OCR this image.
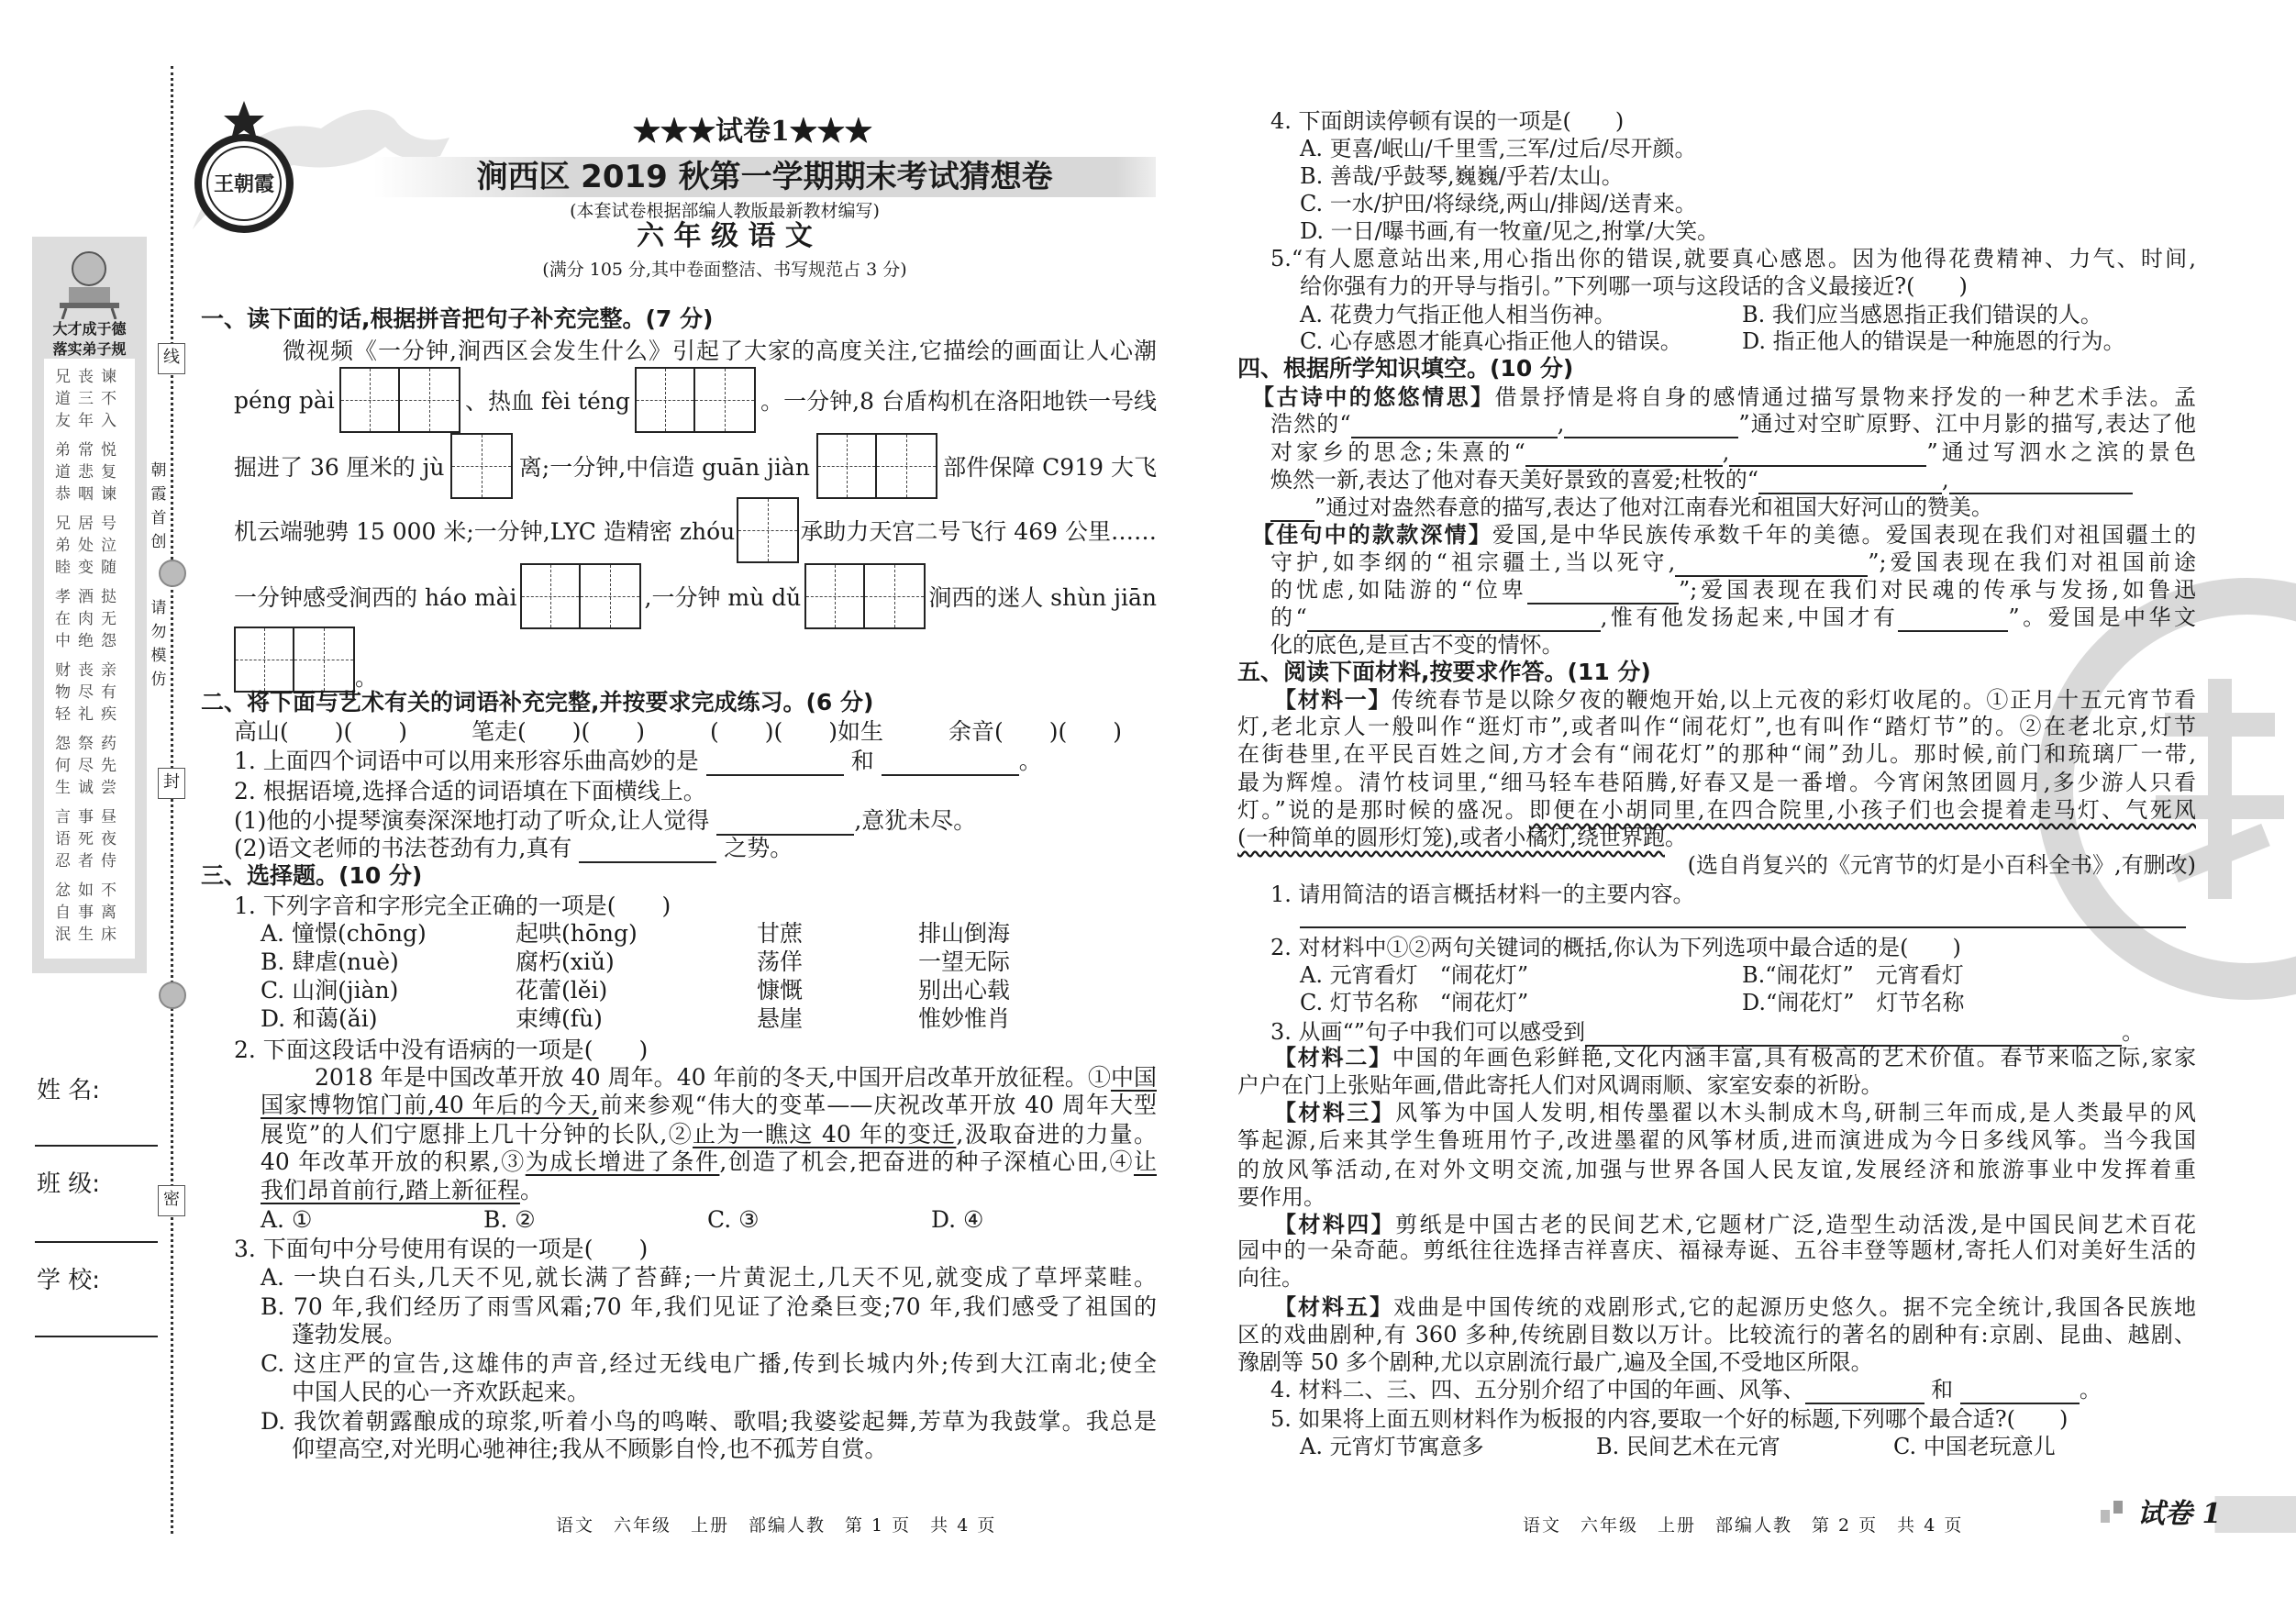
线
封
密
朝霞首创
请勿模仿
大才成于德
落实弟子规
兄丧谏
道三不
友年入
弟常悦
道悲复
恭咽谏
兄居号
弟处泣
睦变随
孝酒挞
在肉无
中绝怨
财丧亲
物尽有
轻礼疾
怨祭药
何尽先
生诚尝
言事昼
语死夜
忍者侍
忿如不
自事离
泯生床
姓 名:
班 级:
学 校:
王朝霞
★★★试卷1★★★
涧西区 2019 秋第一学期期末考试猜想卷
(本套试卷根据部编人教版最新教材编写)
六 年 级 语 文
(满分 105 分,其中卷面整洁、书写规范占 3 分)
一、读下面的话,根据拼音把句子补充完整。(7 分)
微视频《一分钟,涧西区会发生什么》引起了大家的高度关注,它描绘的画面让人心潮
péng pài	、热血 fèi téng	。一分钟,8 台盾构机在洛阳地铁一号线
掘进了 36 厘米的 jù	离;一分钟,中信造 guān jiàn	部件保障 C919 大飞
机云端驰骋 15 000 米;一分钟,LYC 造精密 zhóu	承助力天宫二号飞行 469 公里……
一分钟感受涧西的 háo mài	,一分钟 mù dǔ	涧西的迷人 shùn jiān
。
二、将下面与艺术有关的词语补充完整,并按要求完成练习。(6 分)
高山(　　)(　　)	笔走(　　)(　　)	(　　)(　　)如生	余音(　　)(　　)
1. 上面四个词语中可以用来形容乐曲高妙的是	和	。
2. 根据语境,选择合适的词语填在下面横线上。
(1)他的小提琴演奏深深地打动了听众,让人觉得	,意犹未尽。
(2)语文老师的书法苍劲有力,真有	之势。
三、选择题。(10 分)
1. 下列字音和字形完全正确的一项是(　　)
A. 憧憬(chōng)	起哄(hōng)	甘蔗	排山倒海
B. 肆虐(nuè)	腐朽(xiǔ)	荡佯	一望无际
C. 山涧(jiàn)	花蕾(lěi)	慷慨	别出心载
D. 和蔼(ǎi)	束缚(fù)	悬崖	惟妙惟肖
2. 下面这段话中没有语病的一项是(　　)
2018 年是中国改革开放 40 周年。40 年前的冬天,中国开启改革开放征程。①中国
国家博物馆门前,40 年后的今天,前来参观“伟大的变革——庆祝改革开放 40 周年大型
展览”的人们宁愿排上几十分钟的长队,②止为一瞧这 40 年的变迁,汲取奋进的力量。
40 年改革开放的积累,③为成长增进了条件,创造了机会,把奋进的种子深植心田,④让
我们昂首前行,踏上新征程。
A. ①	B. ②	C. ③	D. ④
3. 下面句中分号使用有误的一项是(　　)
A. 一块白石头,几天不见,就长满了苔藓;一片黄泥土,几天不见,就变成了草坪菜畦。
B. 70 年,我们经历了雨雪风霜;70 年,我们见证了沧桑巨变;70 年,我们感受了祖国的
蓬勃发展。
C. 这庄严的宣告,这雄伟的声音,经过无线电广播,传到长城内外;传到大江南北;使全
中国人民的心一齐欢跃起来。
D. 我饮着朝露酿成的琼浆,听着小鸟的鸣啭、歌唱;我婆娑起舞,芳草为我鼓掌。我总是
仰望高空,对光明心驰神往;我从不顾影自怜,也不孤芳自赏。
语文　六年级　上册　部编人教　第 1 页　共 4 页
4. 下面朗读停顿有误的一项是(　　)
A. 更喜/岷山/千里雪,三军/过后/尽开颜。
B. 善哉/乎鼓琴,巍巍/乎若/太山。
C. 一水/护田/将绿绕,两山/排闼/送青来。
D. 一日/曝书画,有一牧童/见之,拊掌/大笑。
5.“有人愿意站出来,用心指出你的错误,就要真心感恩。因为他得花费精神、力气、时间,
给你强有力的开导与指引。”下列哪一项与这段话的含义最接近?(　　)
A. 花费力气指正他人相当伤神。	B. 我们应当感恩指正我们错误的人。
C. 心存感恩才能真心指正他人的错误。	D. 指正他人的错误是一种施恩的行为。
四、根据所学知识填空。(10 分)
【古诗中的悠悠情思】借景抒情是将自身的感情通过描写景物来抒发的一种艺术手法。孟
浩然的“	,	”通过对空旷原野、江中月影的描写,表达了他
对家乡的思念;朱熹的“	,	”通过写泗水之滨的景色
焕然一新,表达了他对春天美好景致的喜爱;杜牧的“	,
”通过对盎然春意的描写,表达了他对江南春光和祖国大好河山的赞美。
【佳句中的款款深情】爱国,是中华民族传承数千年的美德。爱国表现在我们对祖国疆土的
守护,如李纲的“祖宗疆土,当以死守,	”;爱国表现在我们对祖国前途
的忧虑,如陆游的“位卑	”;爱国表现在我们对民魂的传承与发扬,如鲁迅
的“	,惟有他发扬起来,中国才有	”。爱国是中华文
化的底色,是亘古不变的情怀。
五、阅读下面材料,按要求作答。(11 分)
【材料一】传统春节是以除夕夜的鞭炮开始,以上元夜的彩灯收尾的。①正月十五元宵节看
灯,老北京人一般叫作“逛灯市”,或者叫作“闹花灯”,也有叫作“踏灯节”的。②在老北京,灯节
在街巷里,在平民百姓之间,方才会有“闹花灯”的那种“闹”劲儿。那时候,前门和琉璃厂一带,
最为辉煌。清竹枝词里,“细马轻车巷陌腾,好春又是一番增。今宵闲煞团圆月,多少游人只看
灯。”说的是那时候的盛况。即便在小胡同里,在四合院里,小孩子们也会提着走马灯、气死风
(一种简单的圆形灯笼),或者小橘灯,绕世界跑。
(选自肖复兴的《元宵节的灯是小百科全书》,有删改)
1. 请用简洁的语言概括材料一的主要内容。
2. 对材料中①②两句关键词的概括,你认为下列选项中最合适的是(　　)
A. 元宵看灯　“闹花灯”	B.“闹花灯”　元宵看灯
C. 灯节名称　“闹花灯”	D.“闹花灯”　灯节名称
3. 从画“”句子中我们可以感受到	。
【材料二】中国的年画色彩鲜艳,文化内涵丰富,具有极高的艺术价值。春节来临之际,家家
户户在门上张贴年画,借此寄托人们对风调雨顺、家室安泰的祈盼。
【材料三】风筝为中国人发明,相传墨翟以木头制成木鸟,研制三年而成,是人类最早的风
筝起源,后来其学生鲁班用竹子,改进墨翟的风筝材质,进而演进成为今日多线风筝。当今我国
的放风筝活动,在对外文明交流,加强与世界各国人民友谊,发展经济和旅游事业中发挥着重
要作用。
【材料四】剪纸是中国古老的民间艺术,它题材广泛,造型生动活泼,是中国民间艺术百花
园中的一朵奇葩。剪纸往往选择吉祥喜庆、福禄寿诞、五谷丰登等题材,寄托人们对美好生活的
向往。
【材料五】戏曲是中国传统的戏剧形式,它的起源历史悠久。据不完全统计,我国各民族地
区的戏曲剧种,有 360 多种,传统剧目数以万计。比较流行的著名的剧种有:京剧、昆曲、越剧、
豫剧等 50 多个剧种,尤以京剧流行最广,遍及全国,不受地区所限。
4. 材料二、三、四、五分别介绍了中国的年画、风筝、	和	。
5. 如果将上面五则材料作为板报的内容,要取一个好的标题,下列哪个最合适?(　　)
A. 元宵灯节寓意多	B. 民间艺术在元宵	C. 中国老玩意儿
语文　六年级　上册　部编人教　第 2 页　共 4 页	试卷 1
